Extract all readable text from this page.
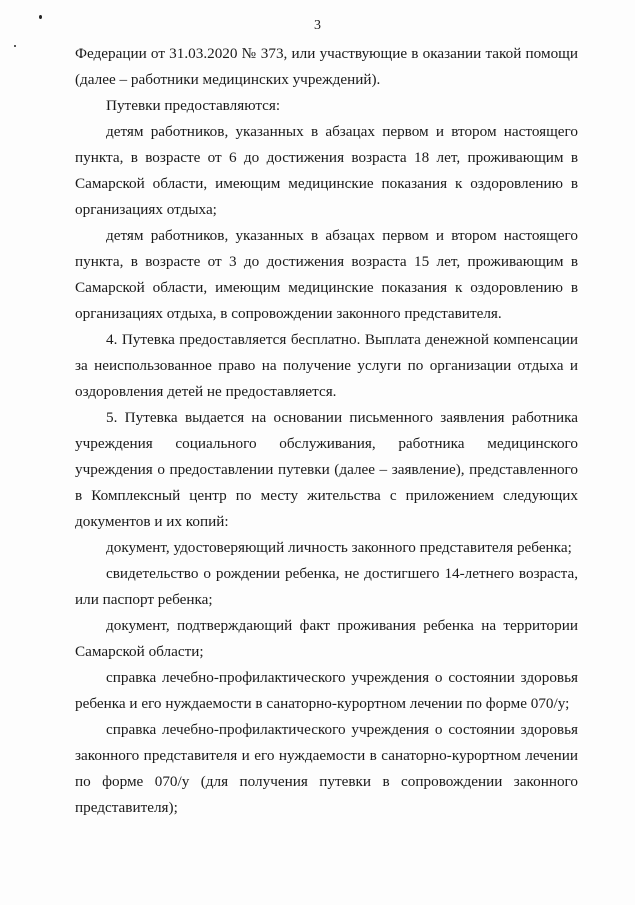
3

Федерации от 31.03.2020 № 373, или участвующие в оказании такой помощи (далее – работники медицинских учреждений).

Путевки предоставляются:

детям работников, указанных в абзацах первом и втором настоящего пункта, в возрасте от 6 до достижения возраста 18 лет, проживающим в Самарской области, имеющим медицинские показания к оздоровлению в организациях отдыха;

детям работников, указанных в абзацах первом и втором настоящего пункта, в возрасте от 3 до достижения возраста 15 лет, проживающим в Самарской области, имеющим медицинские показания к оздоровлению в организациях отдыха, в сопровождении законного представителя.

4. Путевка предоставляется бесплатно. Выплата денежной компенсации за неиспользованное право на получение услуги по организации отдыха и оздоровления детей не предоставляется.

5. Путевка выдается на основании письменного заявления работника учреждения социального обслуживания, работника медицинского учреждения о предоставлении путевки (далее – заявление), представленного в Комплексный центр по месту жительства с приложением следующих документов и их копий:

документ, удостоверяющий личность законного представителя ребенка;

свидетельство о рождении ребенка, не достигшего 14-летнего возраста, или паспорт ребенка;

документ, подтверждающий факт проживания ребенка на территории Самарской области;

справка лечебно-профилактического учреждения о состоянии здоровья ребенка и его нуждаемости в санаторно-курортном лечении по форме 070/у;

справка лечебно-профилактического учреждения о состоянии здоровья законного представителя и его нуждаемости в санаторно-курортном лечении по форме 070/у (для получения путевки в сопровождении законного представителя);
